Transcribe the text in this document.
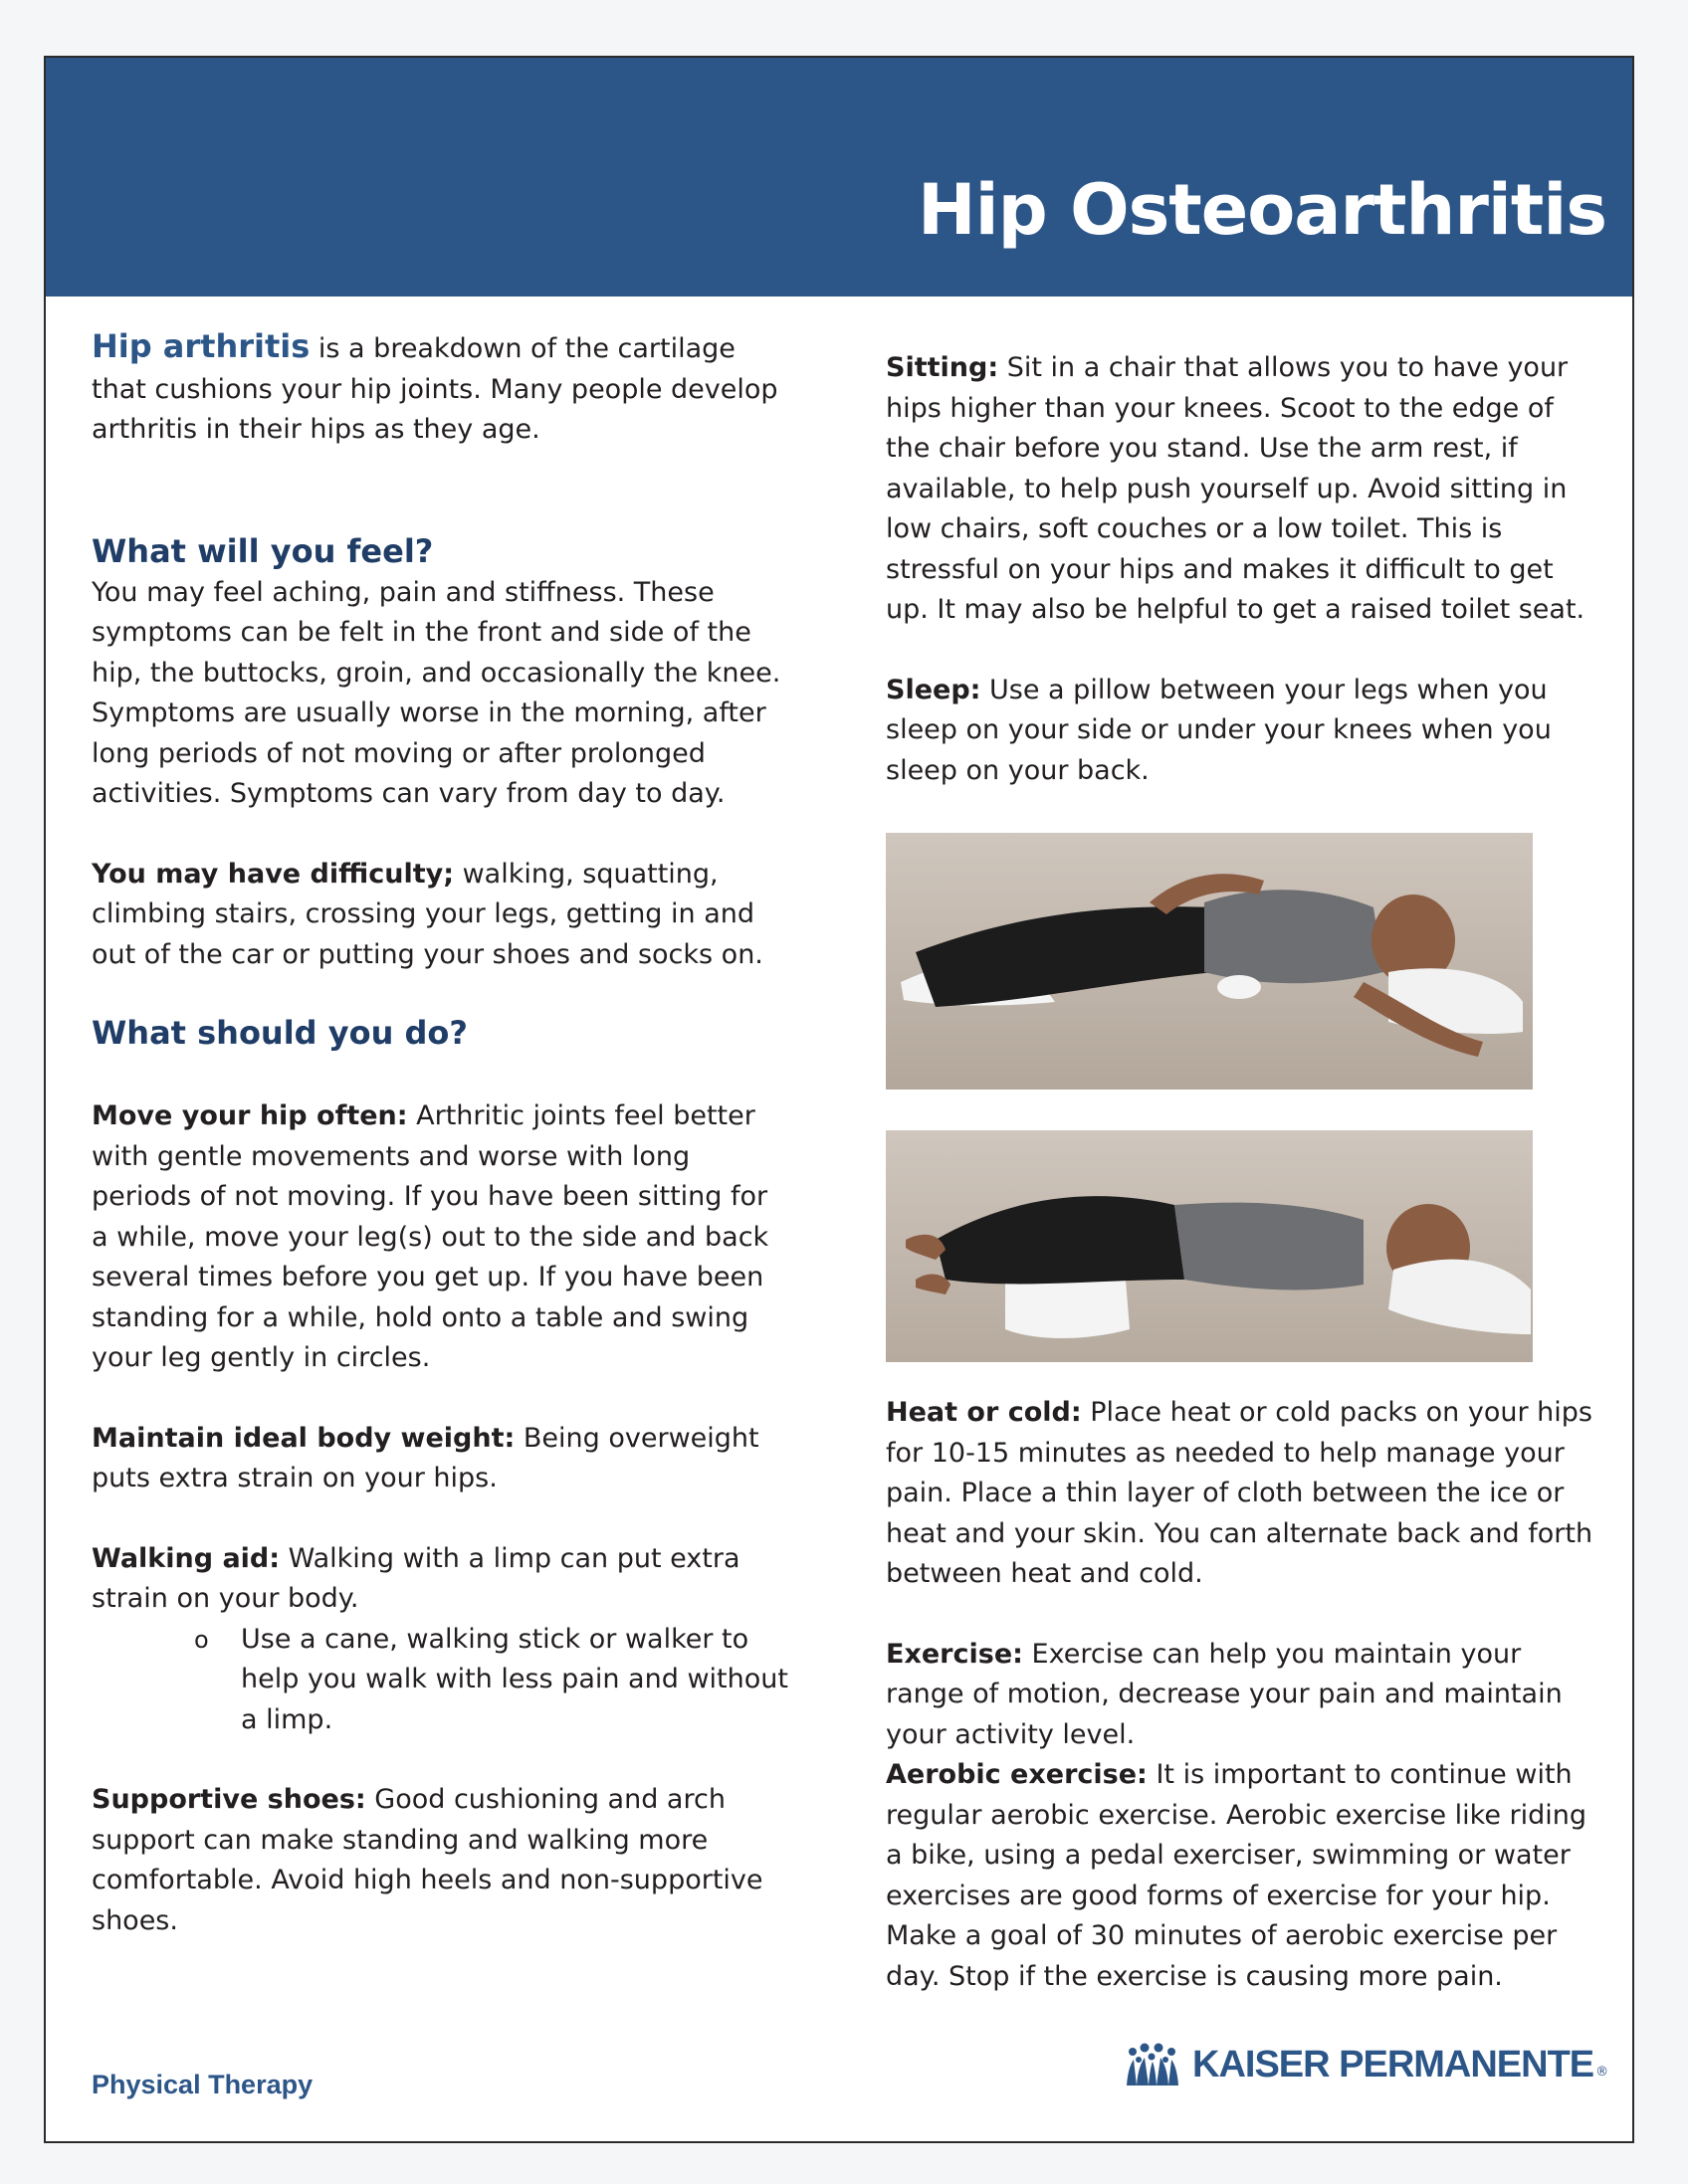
Hip Osteoarthritis

Hip arthritis is a breakdown of the cartilage that cushions your hip joints. Many people develop arthritis in their hips as they age.

What will you feel?

You may feel aching, pain and stiffness. These symptoms can be felt in the front and side of the hip, the buttocks, groin, and occasionally the knee. Symptoms are usually worse in the morning, after long periods of not moving or after prolonged activities. Symptoms can vary from day to day.

You may have difficulty; walking, squatting, climbing stairs, crossing your legs, getting in and out of the car or putting your shoes and socks on.

What should you do?

Move your hip often: Arthritic joints feel better with gentle movements and worse with long periods of not moving. If you have been sitting for a while, move your leg(s) out to the side and back several times before you get up. If you have been standing for a while, hold onto a table and swing your leg gently in circles.

Maintain ideal body weight: Being overweight puts extra strain on your hips.

Walking aid: Walking with a limp can put extra strain on your body.

o	Use a cane, walking stick or walker to help you walk with less pain and without a limp.

Supportive shoes: Good cushioning and arch support can make standing and walking more comfortable. Avoid high heels and non-supportive shoes.

Sitting: Sit in a chair that allows you to have your hips higher than your knees. Scoot to the edge of the chair before you stand. Use the arm rest, if available, to help push yourself up. Avoid sitting in low chairs, soft couches or a low toilet. This is stressful on your hips and makes it difficult to get up. It may also be helpful to get a raised toilet seat.

Sleep: Use a pillow between your legs when you sleep on your side or under your knees when you sleep on your back.

Heat or cold: Place heat or cold packs on your hips for 10-15 minutes as needed to help manage your pain. Place a thin layer of cloth between the ice or heat and your skin. You can alternate back and forth between heat and cold.

Exercise: Exercise can help you maintain your range of motion, decrease your pain and maintain your activity level.

Aerobic exercise: It is important to continue with regular aerobic exercise. Aerobic exercise like riding a bike, using a pedal exerciser, swimming or water exercises are good forms of exercise for your hip. Make a goal of 30 minutes of aerobic exercise per day. Stop if the exercise is causing more pain.

Physical Therapy	KAISER PERMANENTE ®
